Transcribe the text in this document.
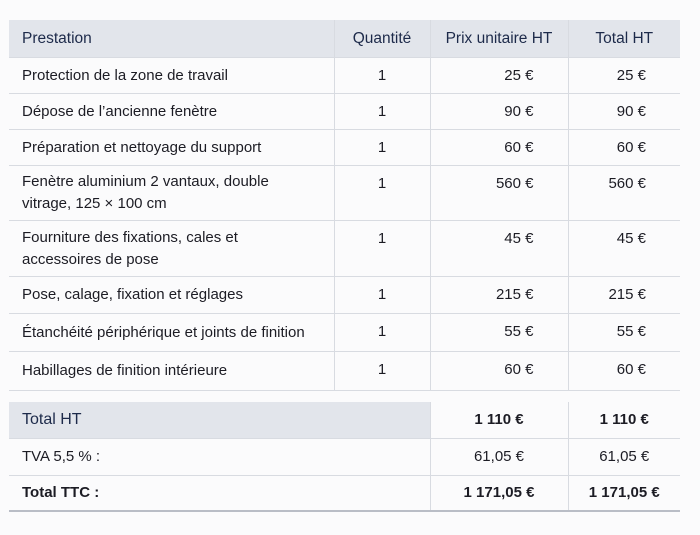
Prestation	Quantité	Prix unitaire HT	Total HT
Protection de la zone de travail	1	25 €	25 €
Dépose de l’ancienne fenètre	1	90 €	90 €
Préparation et nettoyage du support	1	60 €	60 €
Fenètre aluminium 2 vantaux, double vitrage, 125 × 100 cm	1	560 €	560 €
Fourniture des fixations, cales et accessoires de pose	1	45 €	45 €
Pose, calage, fixation et réglages	1	215 €	215 €
Étanchéité périphérique et joints de finition	1	55 €	55 €
Habillages de finition intérieure	1	60 €	60 €
Total HT	1 110 €	1 110 €
TVA 5,5 % :	61,05 €	61,05 €
Total TTC :	1 171,05 €	1 171,05 €
